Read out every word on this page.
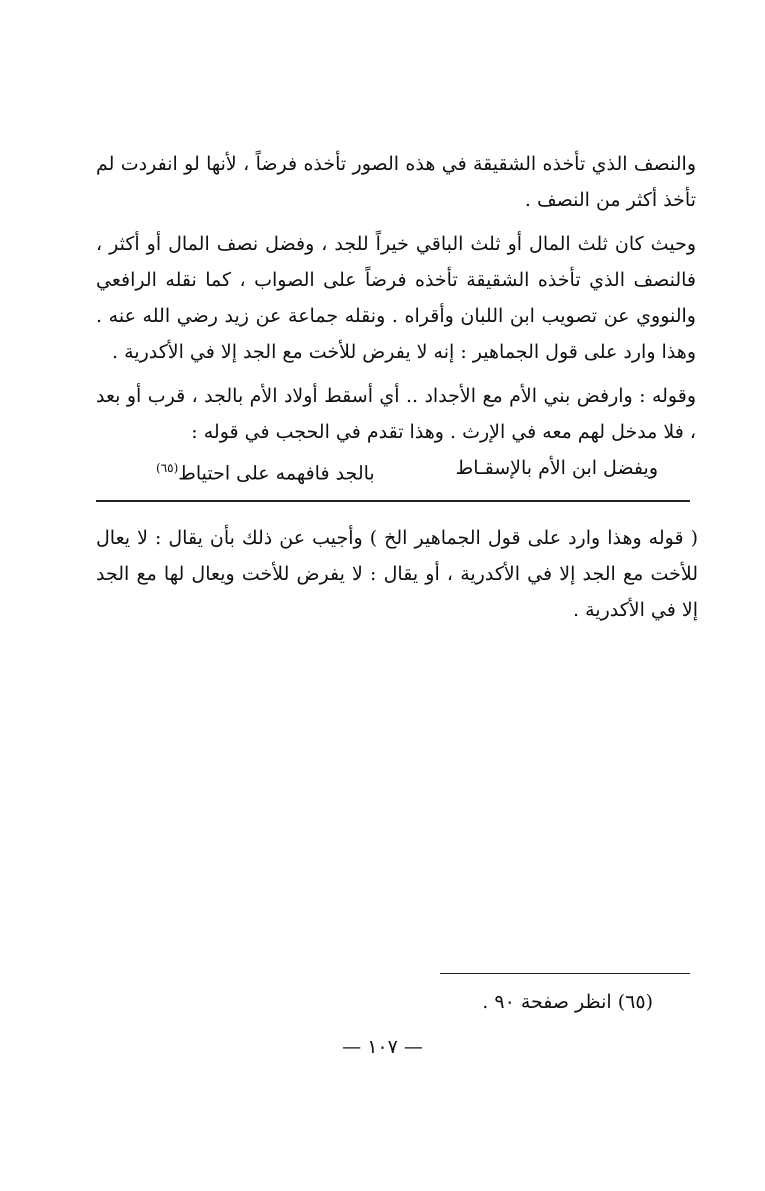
والنصف الذي تأخذه الشقيقة في هذه الصور تأخذه فرضاً ، لأنها لو انفردت لم تأخذ أكثر من النصف .

وحيث كان ثلث المال أو ثلث الباقي خيراً للجد ، وفضل نصف المال أو أكثر ، فالنصف الذي تأخذه الشقيقة تأخذه فرضاً على الصواب ، كما نقله الرافعي والنووي عن تصويب ابن اللبان وأقراه . ونقله جماعة عن زيد رضي الله عنه . وهذا وارد على قول الجماهير : إنه لا يفرض للأخت مع الجد إلا في الأكدرية .

وقوله : وارفض بني الأم مع الأجداد .. أي أسقط أولاد الأم بالجد ، قرب أو بعد ، فلا مدخل لهم معه في الإرث . وهذا تقدم في الحجب في قوله :

ويفضل ابن الأم بالإسقـاط
بالجد فافهمه على احتياط$^{(٦٥)}$

( قوله وهذا وارد على قول الجماهير الخ ) وأجيب عن ذلك بأن يقال : لا يعال للأخت مع الجد إلا في الأكدرية ، أو يقال : لا يفرض للأخت ويعال لها مع الجد إلا في الأكدرية .

(٦٥) انظر صفحة ٩٠ .
— ١٠٧ —
